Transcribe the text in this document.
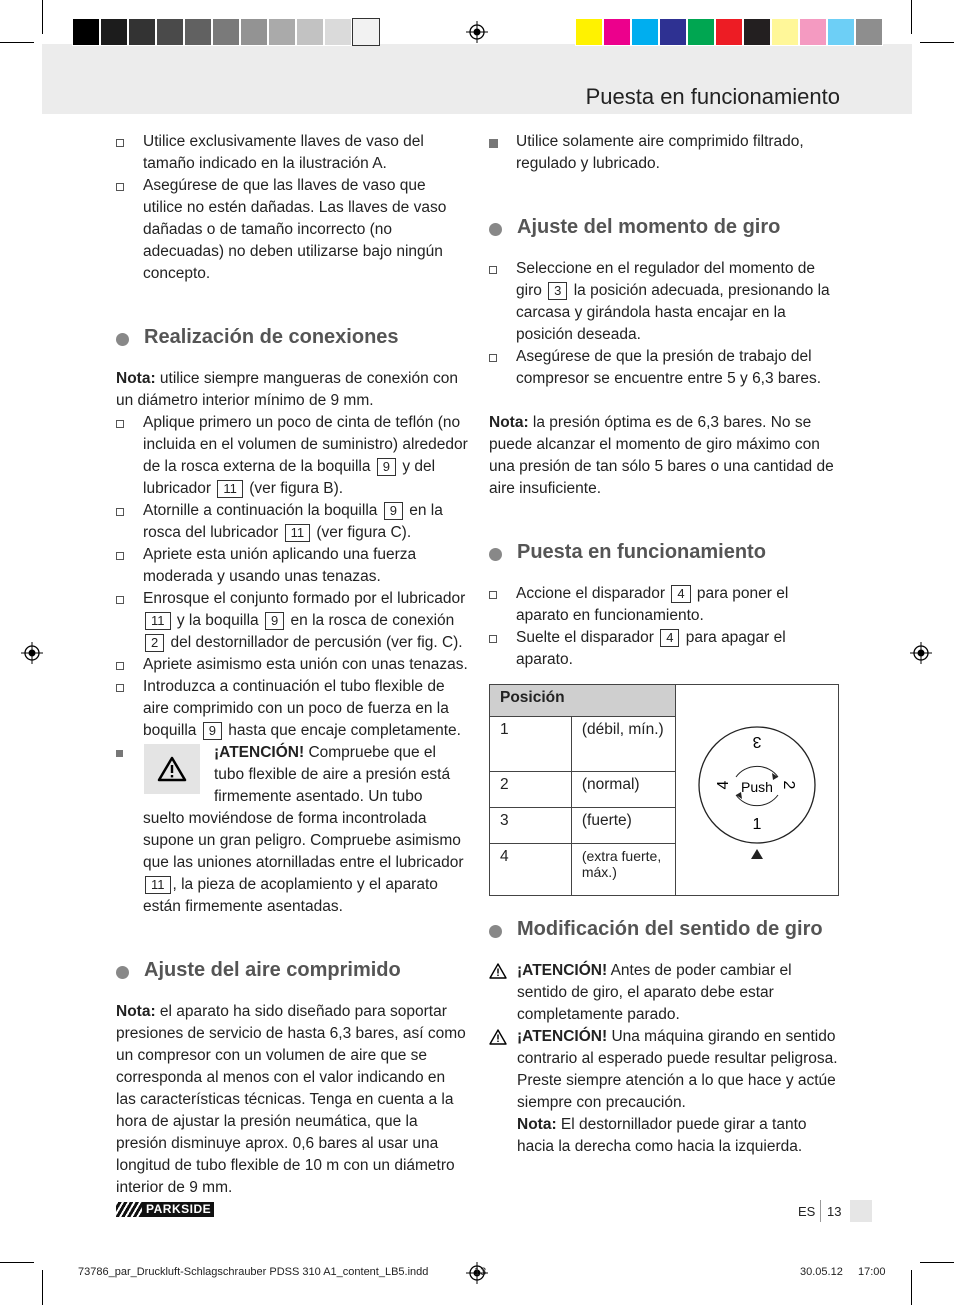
Puesta en funcionamiento

Utilice exclusivamente llaves de vaso del tamaño indicado en la ilustración A.

Asegúrese de que las llaves de vaso que utilice no estén dañadas. Las llaves de vaso dañadas o de tamaño incorrecto (no adecuadas) no deben utilizarse bajo ningún concepto.

Realización de conexiones

Nota: utilice siempre mangueras de conexión con un diámetro interior mínimo de 9 mm.

Aplique primero un poco de cinta de teflón (no incluida en el volumen de suministro) alrededor de la rosca externa de la boquilla 9 y del lubricador 11 (ver figura B).

Atornille a continuación la boquilla 9 en la rosca del lubricador 11 (ver figura C).

Apriete esta unión aplicando una fuerza moderada y usando unas tenazas.

Enrosque el conjunto formado por el lubricador 11 y la boquilla 9 en la rosca de conexión 2 del destornillador de percusión (ver fig. C).

Apriete asimismo esta unión con unas tenazas.

Introduzca a continuación el tubo flexible de aire comprimido con un poco de fuerza en la boquilla 9 hasta que encaje completamente.

¡ATENCIÓN! Compruebe que el tubo flexible de aire a presión está firmemente asentado. Un tubo suelto moviéndose de forma incontrolada supone un gran peligro. Compruebe asimismo que las uniones atornilladas entre el lubricador 11 , la pieza de acoplamiento y el aparato están firmemente asentadas.

Ajuste del aire comprimido

Nota: el aparato ha sido diseñado para soportar presiones de servicio de hasta 6,3 bares, así como un compresor con un volumen de aire que se corresponda al menos con el valor indicando en las características técnicas. Tenga en cuenta a la hora de ajustar la presión neumática, que la presión disminuye aprox. 0,6 bares al usar una longitud de tubo flexible de 10 m con un diámetro interior de 9 mm.

Utilice solamente aire comprimido filtrado, regulado y lubricado.

Ajuste del momento de giro

Seleccione en el regulador del momento de giro 3 la posición adecuada, presionando la carcasa y girándola hasta encajar en la posición deseada.

Asegúrese de que la presión de trabajo del compresor se encuentre entre 5 y 6,3 bares.

Nota: la presión óptima es de 6,3 bares. No se puede alcanzar el momento de giro máximo con una presión de tan sólo 5 bares o una cantidad de aire insuficiente.

Puesta en funcionamiento

Accione el disparador 4 para poner el aparato en funcionamiento.

Suelte el disparador 4 para apagar el aparato.

Posición		Push
1
2
3
4

1	(débil, mín.)	
2	(normal)	
3	(fuerte)	
4	(extra fuerte, máx.)	

Modificación del sentido de giro

¡ATENCIÓN! Antes de poder cambiar el sentido de giro, el aparato debe estar completamente parado.

¡ATENCIÓN! Una máquina girando en sentido contrario al esperado puede resultar peligrosa. Preste siempre atención a lo que hace y actúe siempre con precaución.

Nota: El destornillador puede girar a tanto hacia la derecha como hacia la izquierda.

PARKSIDE	ES 13
73786_par_Druckluft-Schlagschrauber PDSS 310 A1_content_LB5.indd	13	30.05.12 17:00
